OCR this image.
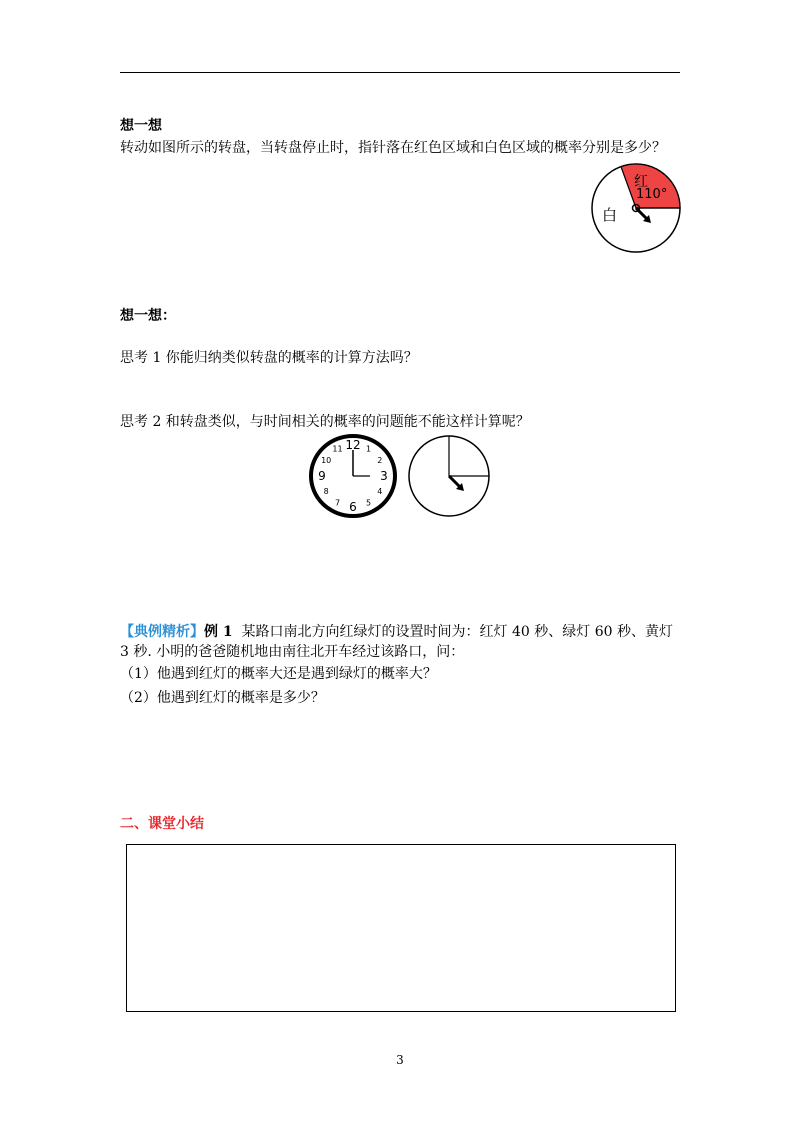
想一想
转动如图所示的转盘，当转盘停止时，指针落在红色区域和白色区域的概率分别是多少？
红
110°
白
想一想：
思考 1 你能归纳类似转盘的概率的计算方法吗？
思考 2 和转盘类似，与时间相关的概率的问题能不能这样计算呢？
12 1
2
3
4
5
6
7
8
9
10
11
【典例精析】例 1 某路口南北方向红绿灯的设置时间为：红灯 40 秒、绿灯 60 秒、黄灯
3 秒. 小明的爸爸随机地由南往北开车经过该路口，问：
（1）他遇到红灯的概率大还是遇到绿灯的概率大？
（2）他遇到红灯的概率是多少？
二、课堂小结
3
